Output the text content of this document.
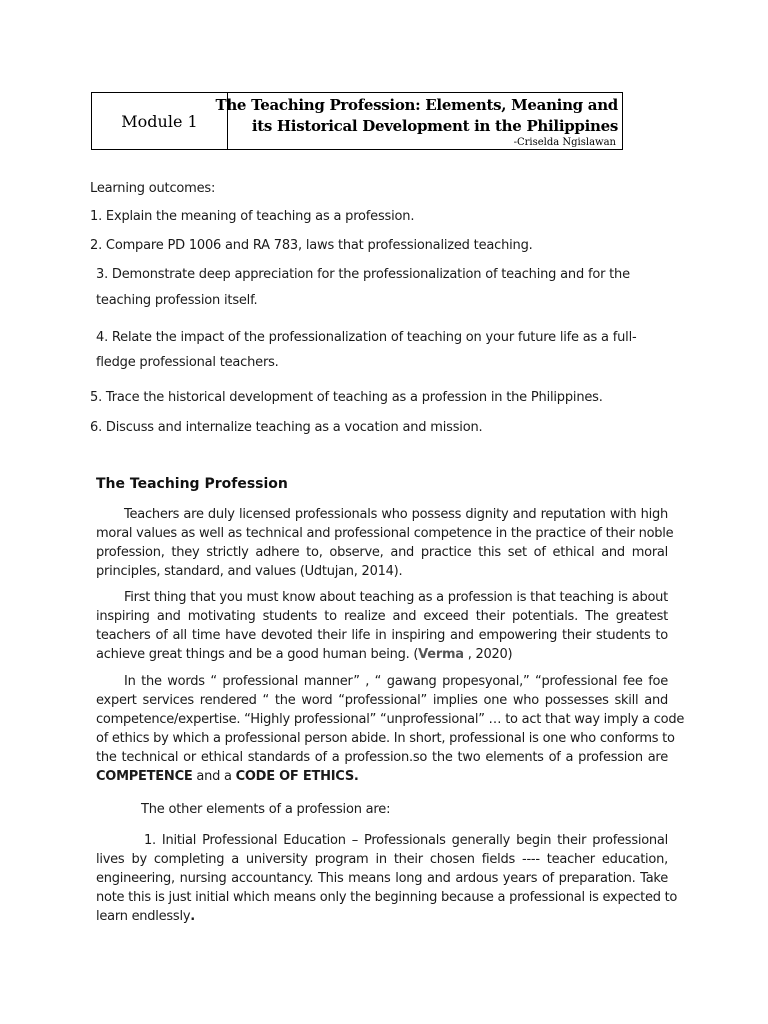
Module 1
The Teaching Profession: Elements, Meaning and
its Historical Development in the Philippines
-Criselda Ngislawan
Learning outcomes:
1. Explain the meaning of teaching as a profession.
2. Compare PD 1006 and RA 783, laws that professionalized teaching.
3. Demonstrate deep appreciation for the professionalization of teaching and for the
teaching profession itself.
4. Relate the impact of the professionalization of teaching on your future life as a full-
fledge professional teachers.
5. Trace the historical development of teaching as a profession in the Philippines.
6. Discuss and internalize teaching as a vocation and mission.
The Teaching Profession
Teachers are duly licensed professionals who possess dignity and reputation with high
moral values as well as technical and professional competence in the practice of their noble
profession, they strictly adhere to, observe, and practice this set of ethical and moral
principles, standard, and values (Udtujan, 2014).
First thing that you must know about teaching as a profession is that teaching is about
inspiring and motivating students to realize and exceed their potentials. The greatest
teachers of all time have devoted their life in inspiring and empowering their students to
achieve great things and be a good human being. (Verma , 2020)
In the words “ professional manner” , “ gawang propesyonal,” “professional fee foe
expert services rendered “ the word “professional” implies one who possesses skill and
competence/expertise. “Highly professional” “unprofessional” … to act that way imply a code
of ethics by which a professional person abide. In short, professional is one who conforms to
the technical or ethical standards of a profession.so the two elements of a profession are
COMPETENCE and a CODE OF ETHICS.
The other elements of a profession are:
1. Initial Professional Education – Professionals generally begin their professional
lives by completing a university program in their chosen fields ---- teacher education,
engineering, nursing accountancy. This means long and ardous years of preparation. Take
note this is just initial which means only the beginning because a professional is expected to
learn endlessly.
